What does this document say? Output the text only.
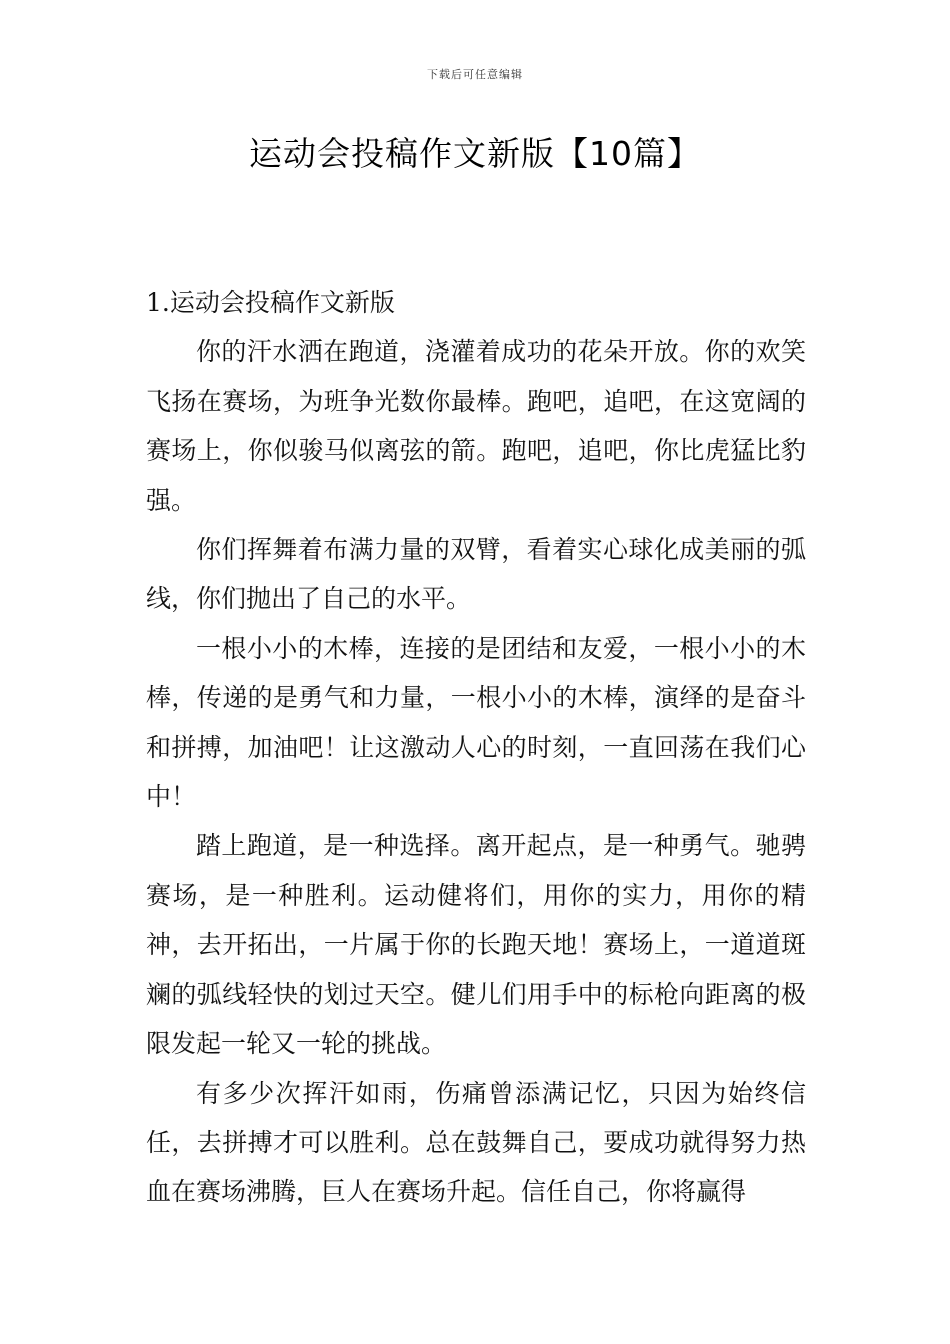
下载后可任意编辑
运动会投稿作文新版【10篇】

1.运动会投稿作文新版

你的汗水洒在跑道，浇灌着成功的花朵开放。你的欢笑飞扬在赛场，为班争光数你最棒。跑吧，追吧，在这宽阔的赛场上，你似骏马似离弦的箭。跑吧，追吧，你比虎猛比豹强。

你们挥舞着布满力量的双臂，看着实心球化成美丽的弧线，你们抛出了自己的水平。

一根小小的木棒，连接的是团结和友爱，一根小小的木棒，传递的是勇气和力量，一根小小的木棒，演绎的是奋斗和拼搏，加油吧！让这激动人心的时刻，一直回荡在我们心中！

踏上跑道，是一种选择。离开起点，是一种勇气。驰骋赛场，是一种胜利。运动健将们，用你的实力，用你的精神，去开拓出，一片属于你的长跑天地！赛场上，一道道斑斓的弧线轻快的划过天空。健儿们用手中的标枪向距离的极限发起一轮又一轮的挑战。

有多少次挥汗如雨，伤痛曾添满记忆，只因为始终信任，去拼搏才可以胜利。总在鼓舞自己，要成功就得努力热血在赛场沸腾，巨人在赛场升起。信任自己，你将赢得
